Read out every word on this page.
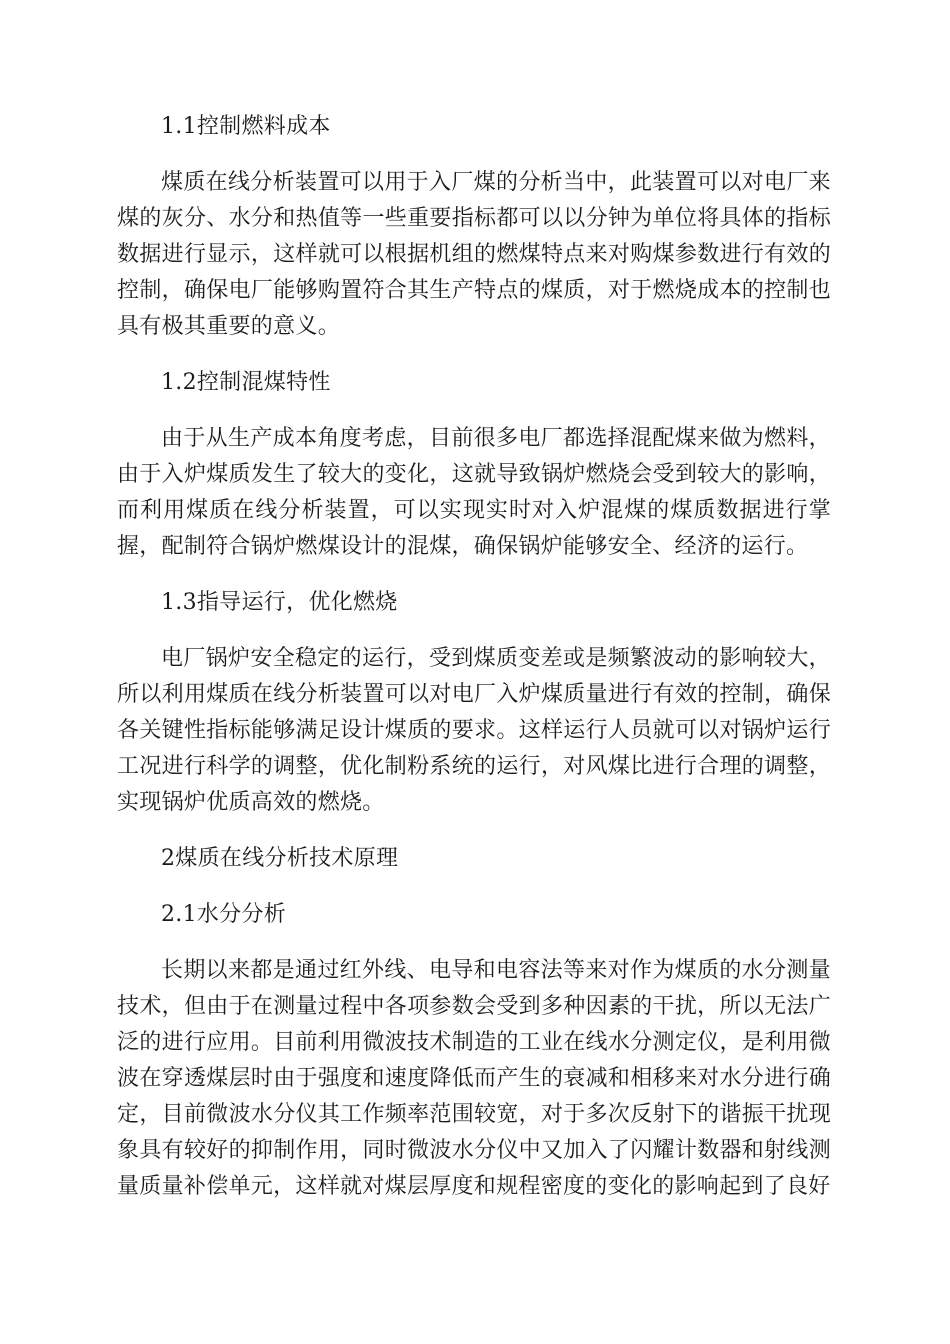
1.1控制燃料成本

煤质在线分析装置可以用于入厂煤的分析当中，此装置可以对电厂来煤的灰分、水分和热值等一些重要指标都可以以分钟为单位将具体的指标数据进行显示，这样就可以根据机组的燃煤特点来对购煤参数进行有效的控制，确保电厂能够购置符合其生产特点的煤质，对于燃烧成本的控制也具有极其重要的意义。

1.2控制混煤特性

由于从生产成本角度考虑，目前很多电厂都选择混配煤来做为燃料，由于入炉煤质发生了较大的变化，这就导致锅炉燃烧会受到较大的影响，而利用煤质在线分析装置，可以实现实时对入炉混煤的煤质数据进行掌握，配制符合锅炉燃煤设计的混煤，确保锅炉能够安全、经济的运行。

1.3指导运行，优化燃烧

电厂锅炉安全稳定的运行，受到煤质变差或是频繁波动的影响较大，所以利用煤质在线分析装置可以对电厂入炉煤质量进行有效的控制，确保各关键性指标能够满足设计煤质的要求。这样运行人员就可以对锅炉运行工况进行科学的调整，优化制粉系统的运行，对风煤比进行合理的调整，实现锅炉优质高效的燃烧。

2煤质在线分析技术原理

2.1水分分析

长期以来都是通过红外线、电导和电容法等来对作为煤质的水分测量技术，但由于在测量过程中各项参数会受到多种因素的干扰，所以无法广泛的进行应用。目前利用微波技术制造的工业在线水分测定仪，是利用微波在穿透煤层时由于强度和速度降低而产生的衰减和相移来对水分进行确定，目前微波水分仪其工作频率范围较宽，对于多次反射下的谐振干扰现象具有较好的抑制作用，同时微波水分仪中又加入了闪耀计数器和射线测量质量补偿单元，这样就对煤层厚度和规程密度的变化的影响起到了良好
